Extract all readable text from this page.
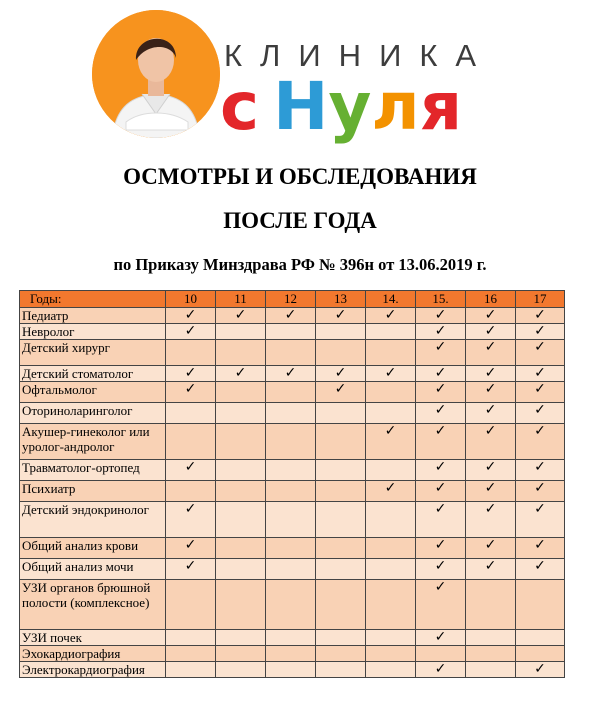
КЛИНИКА
с Нуля
ОСМОТРЫ И ОБСЛЕДОВАНИЯ
ПОСЛЕ ГОДА
по Приказу Минздрава РФ № 396н от 13.06.2019 г.
Годы:	10	11	12	13	14.	15.	16	17
Педиатр	✓	✓	✓	✓	✓	✓	✓	✓
Невролог	✓					✓	✓	✓
Детский хирург						✓	✓	✓
Детский стоматолог	✓	✓	✓	✓	✓	✓	✓	✓
Офтальмолог	✓			✓		✓	✓	✓
Оториноларинголог						✓	✓	✓
Акушер-гинеколог или уролог-андролог					✓	✓	✓	✓
Травматолог-ортопед	✓					✓	✓	✓
Психиатр					✓	✓	✓	✓
Детский эндокринолог	✓					✓	✓	✓
Общий анализ крови	✓					✓	✓	✓
Общий анализ мочи	✓					✓	✓	✓
УЗИ органов брюшной полости (комплексное)						✓		
УЗИ почек						✓		
Эхокардиография								
Электрокардиография						✓		✓
